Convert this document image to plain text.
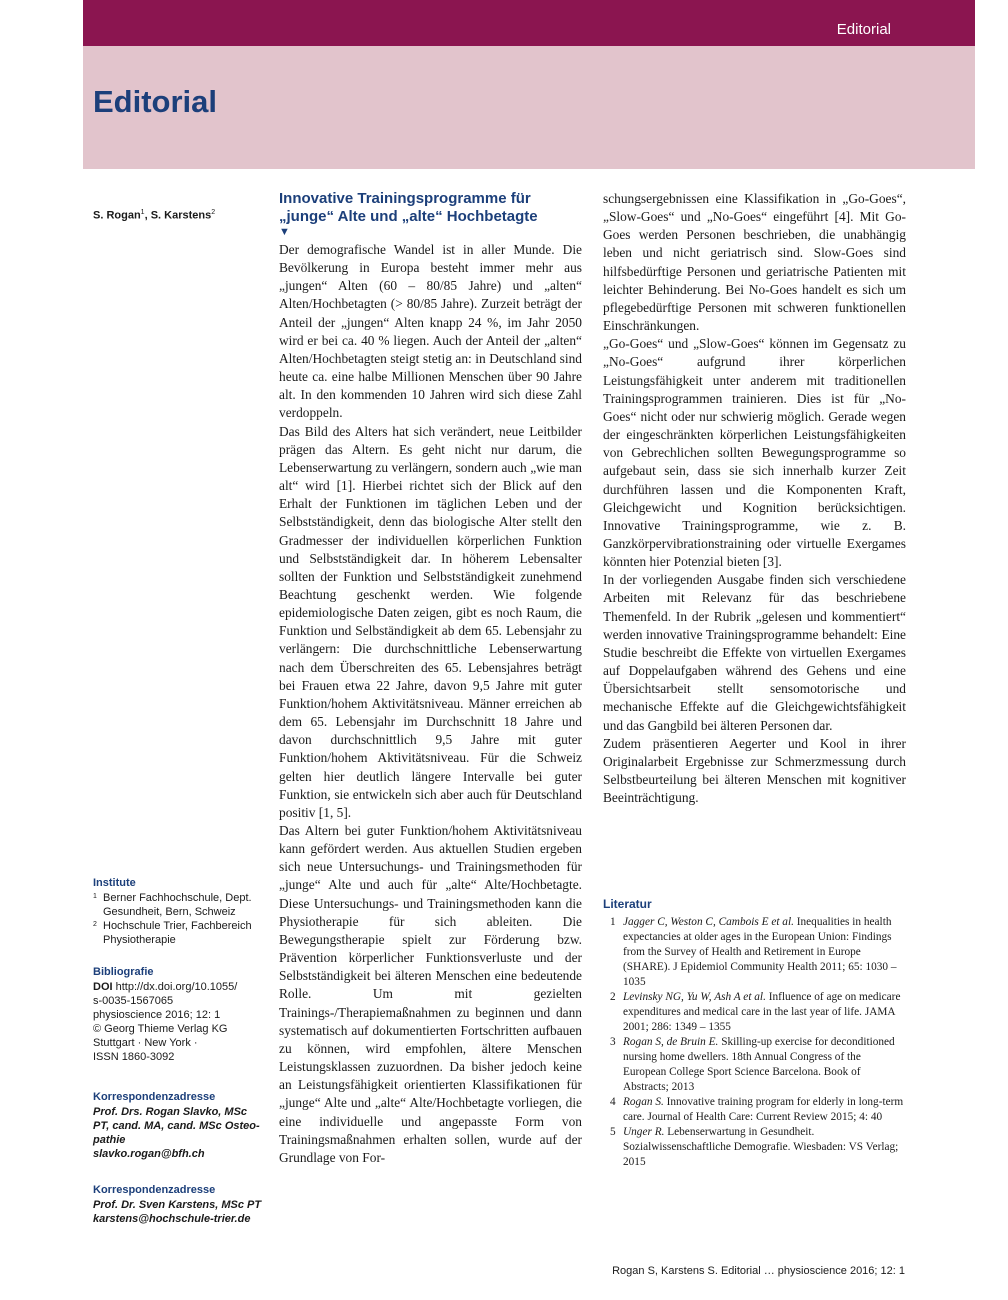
Editorial	1
Editorial
S. Rogan$^1$, S. Karstens$^2$
Institute
1 Berner Fachhochschule, Dept. Gesundheit, Bern, Schweiz
2 Hochschule Trier, Fachbereich Physiotherapie
Bibliografie
DOI http://dx.doi.org/10.1055/
s-0035-1567065
physioscience 2016; 12: 1
© Georg Thieme Verlag KG
Stuttgart · New York ·
ISSN 1860-3092
Korrespondenzadresse
Prof. Drs. Rogan Slavko, MSc
PT, cand. MA, cand. MSc Osteo-
pathie
slavko.rogan@bfh.ch
Korrespondenzadresse
Prof. Dr. Sven Karstens, MSc PT
karstens@hochschule-trier.de
Innovative Trainingsprogramme für „junge“ Alte und „alte“ Hochbetagte
▼

Der demografische Wandel ist in aller Munde. Die Bevölkerung in Europa besteht immer mehr aus „jungen“ Alten (60 – 80/85 Jahre) und „alten“ Alten/Hochbetagten (> 80/85 Jahre). Zurzeit beträgt der Anteil der „jungen“ Alten knapp 24 %, im Jahr 2050 wird er bei ca. 40 % liegen. Auch der Anteil der „alten“ Alten/Hochbetagten steigt stetig an: in Deutschland sind heute ca. eine halbe Millionen Menschen über 90 Jahre alt. In den kommenden 10 Jahren wird sich diese Zahl verdoppeln.

Das Bild des Alters hat sich verändert, neue Leitbilder prägen das Altern. Es geht nicht nur darum, die Lebenserwartung zu verlängern, sondern auch „wie man alt“ wird [1]. Hierbei richtet sich der Blick auf den Erhalt der Funktionen im täglichen Leben und der Selbstständigkeit, denn das biologische Alter stellt den Gradmesser der individuellen körperlichen Funktion und Selbstständigkeit dar. In höherem Lebensalter sollten der Funktion und Selbstständigkeit zunehmend Beachtung geschenkt werden. Wie folgende epidemiologische Daten zeigen, gibt es noch Raum, die Funktion und Selbständigkeit ab dem 65. Lebensjahr zu verlängern: Die durchschnittliche Lebenserwartung nach dem Überschreiten des 65. Lebensjahres beträgt bei Frauen etwa 22 Jahre, davon 9,5 Jahre mit guter Funktion/hohem Aktivitätsniveau. Männer erreichen ab dem 65. Lebensjahr im Durchschnitt 18 Jahre und davon durchschnittlich 9,5 Jahre mit guter Funktion/hohem Aktivitätsniveau. Für die Schweiz gelten hier deutlich längere Intervalle bei guter Funktion, sie entwickeln sich aber auch für Deutschland positiv [1, 5].

Das Altern bei guter Funktion/hohem Aktivitätsniveau kann gefördert werden. Aus aktuellen Studien ergeben sich neue Untersuchungs- und Trainingsmethoden für „junge“ Alte und auch für „alte“ Alte/Hochbetagte. Diese Untersuchungs- und Trainingsmethoden kann die Physiotherapie für sich ableiten. Die Bewegungstherapie spielt zur Förderung bzw. Prävention körperlicher Funktionsverluste und der Selbstständigkeit bei älteren Menschen eine bedeutende Rolle. Um mit gezielten Trainings-/Therapiemaßnahmen zu beginnen und dann systematisch auf dokumentierten Fortschritten aufbauen zu können, wird empfohlen, ältere Menschen Leistungsklassen zuzuordnen. Da bisher jedoch keine an Leistungsfähigkeit orientierten Klassifikationen für „junge“ Alte und „alte“ Alte/Hochbetagte vorliegen, die eine individuelle und angepasste Form von Trainingsmaßnahmen erhalten sollen, wurde auf der Grundlage von For-

schungsergebnissen eine Klassifikation in „Go-Goes“, „Slow-Goes“ und „No-Goes“ eingeführt [4]. Mit Go-Goes werden Personen beschrieben, die unabhängig leben und nicht geriatrisch sind. Slow-Goes sind hilfsbedürftige Personen und geriatrische Patienten mit leichter Behinderung. Bei No-Goes handelt es sich um pflegebedürftige Personen mit schweren funktionellen Einschränkungen.

„Go-Goes“ und „Slow-Goes“ können im Gegensatz zu „No-Goes“ aufgrund ihrer körperlichen Leistungsfähigkeit unter anderem mit traditionellen Trainingsprogrammen trainieren. Dies ist für „No-Goes“ nicht oder nur schwierig möglich. Gerade wegen der eingeschränkten körperlichen Leistungsfähigkeiten von Gebrechlichen sollten Bewegungsprogramme so aufgebaut sein, dass sie sich innerhalb kurzer Zeit durchführen lassen und die Komponenten Kraft, Gleichgewicht und Kognition berücksichtigen. Innovative Trainingsprogramme, wie z. B. Ganzkörpervibrationstraining oder virtuelle Exergames könnten hier Potenzial bieten [3].

In der vorliegenden Ausgabe finden sich verschiedene Arbeiten mit Relevanz für das beschriebene Themenfeld. In der Rubrik „gelesen und kommentiert“ werden innovative Trainingsprogramme behandelt: Eine Studie beschreibt die Effekte von virtuellen Exergames auf Doppelaufgaben während des Gehens und eine Übersichtsarbeit stellt sensomotorische und mechanische Effekte auf die Gleichgewichtsfähigkeit und das Gangbild bei älteren Personen dar.

Zudem präsentieren Aegerter und Kool in ihrer Originalarbeit Ergebnisse zur Schmerzmessung durch Selbstbeurteilung bei älteren Menschen mit kognitiver Beeinträchtigung.

Literatur
1 Jagger C, Weston C, Cambois E et al. Inequalities in health expectancies at older ages in the European Union: Findings from the Survey of Health and Retirement in Europe (SHARE). J Epidemiol Community Health 2011; 65: 1030 – 1035
2 Levinsky NG, Yu W, Ash A et al. Influence of age on medicare expenditures and medical care in the last year of life. JAMA 2001; 286: 1349 – 1355
3 Rogan S, de Bruin E. Skilling-up exercise for deconditioned nursing home dwellers. 18th Annual Congress of the European College Sport Science Barcelona. Book of Abstracts; 2013
4 Rogan S. Innovative training program for elderly in long-term care. Journal of Health Care: Current Review 2015; 4: 40
5 Unger R. Lebenserwartung in Gesundheit. Sozialwissenschaftliche Demografie. Wiesbaden: VS Verlag; 2015
Rogan S, Karstens S. Editorial … physioscience 2016; 12: 1
